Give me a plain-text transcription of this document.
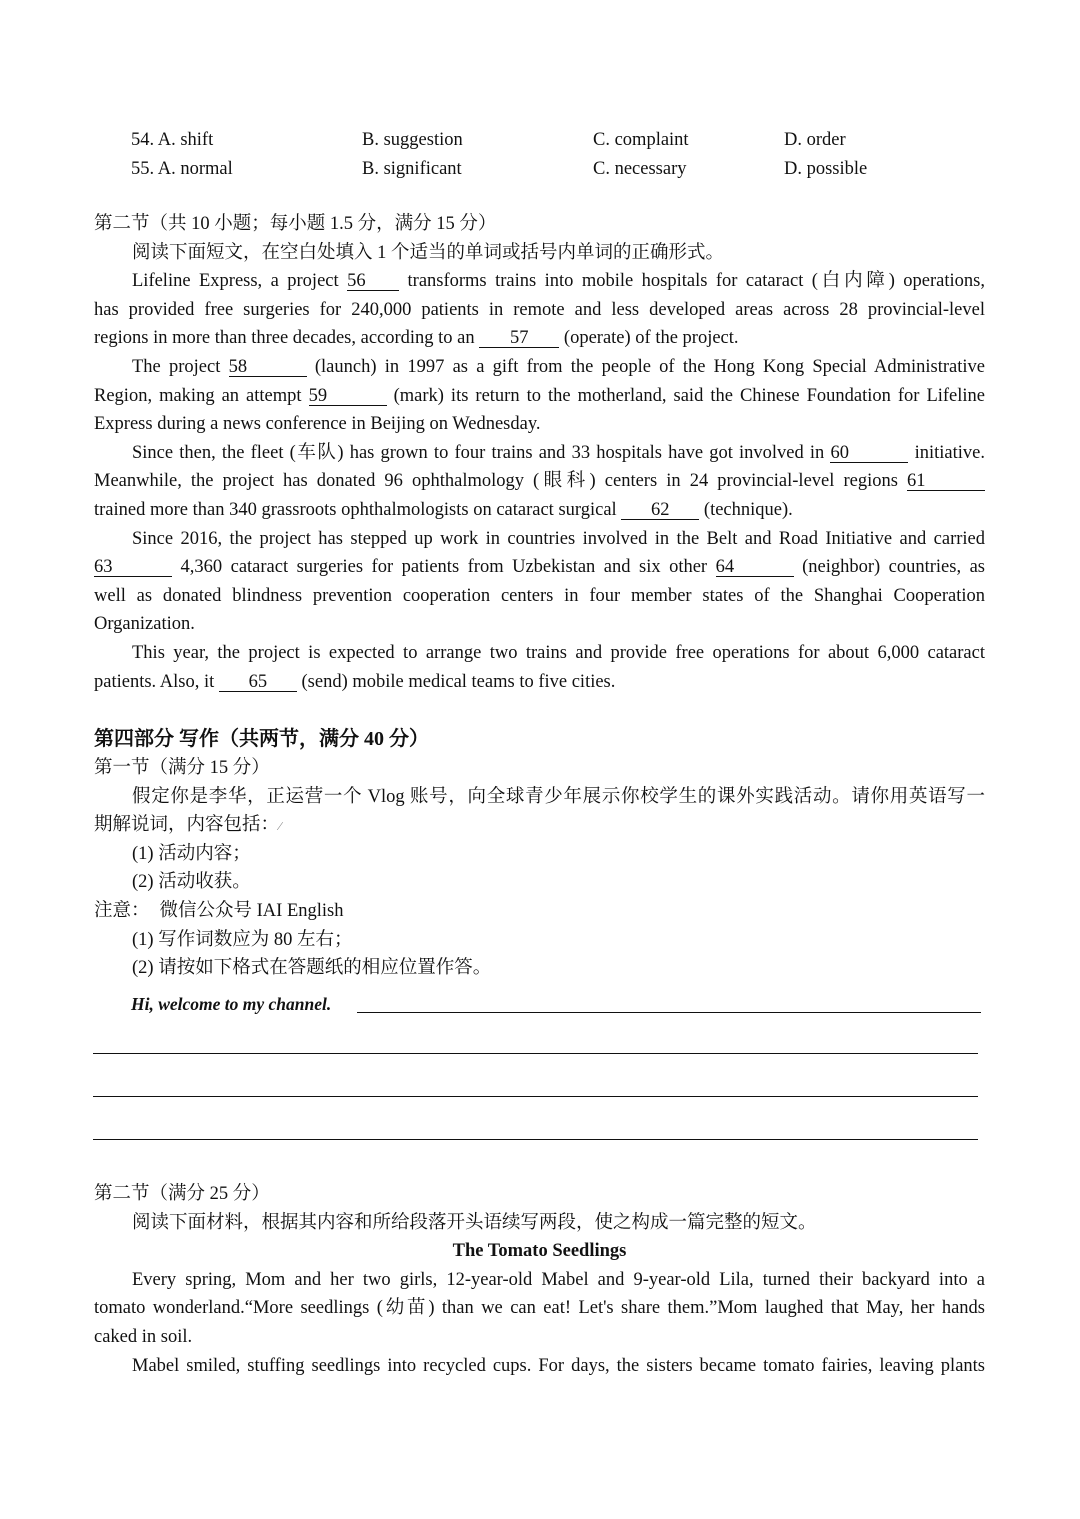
54. A. shift	B. suggestion	C. complaint	D. order
55. A. normal	B. significant	C. necessary	D. possible
第二节（共 10 小题；每小题 1.5 分，满分 15 分）
阅读下面短文，在空白处填入 1 个适当的单词或括号内单词的正确形式。
Lifeline Express, a project 56 transforms trains into mobile hospitals for cataract (白内障) operations,
has provided free surgeries for 240,000 patients in remote and less developed areas across 28 provincial-level
regions in more than three decades, according to an 57 (operate) of the project.
The project 58	(launch) in 1997 as a gift from the people of the Hong Kong Special Administrative
Region, making an attempt 59	(mark) its return to the motherland, said the Chinese Foundation for Lifeline
Express during a news conference in Beijing on Wednesday.
Since then, the fleet (车队) has grown to four trains and 33 hospitals have got involved in 60	initiative.
Meanwhile, the project has donated 96 ophthalmology (眼科) centers in 24 provincial-level regions 61
trained more than 340 grassroots ophthalmologists on cataract surgical 62 (technique).
Since 2016, the project has stepped up work in countries involved in the Belt and Road Initiative and carried
63	4,360 cataract surgeries for patients from Uzbekistan and six other 64	(neighbor) countries, as
well as donated blindness prevention cooperation centers in four member states of the Shanghai Cooperation
Organization.
This year, the project is expected to arrange two trains and provide free operations for about 6,000 cataract
patients. Also, it 65 (send) mobile medical teams to five cities.
第四部分 写作（共两节，满分 40 分）
第一节（满分 15 分）
假定你是李华，正运营一个 Vlog 账号，向全球青少年展示你校学生的课外实践活动。请你用英语写一
期解说词，内容包括：∕
(1) 活动内容；
(2) 活动收获。
注意： 微信公众号 IAI English
(1) 写作词数应为 80 左右；
(2) 请按如下格式在答题纸的相应位置作答。
Hi, welcome to my channel.
第二节（满分 25 分）
阅读下面材料，根据其内容和所给段落开头语续写两段，使之构成一篇完整的短文。
The Tomato Seedlings
Every spring, Mom and her two girls, 12-year-old Mabel and 9-year-old Lila, turned their backyard into a
tomato wonderland.“More seedlings (幼苗) than we can eat! Let's share them.”Mom laughed that May, her hands
caked in soil.
Mabel smiled, stuffing seedlings into recycled cups. For days, the sisters became tomato fairies, leaving plants
